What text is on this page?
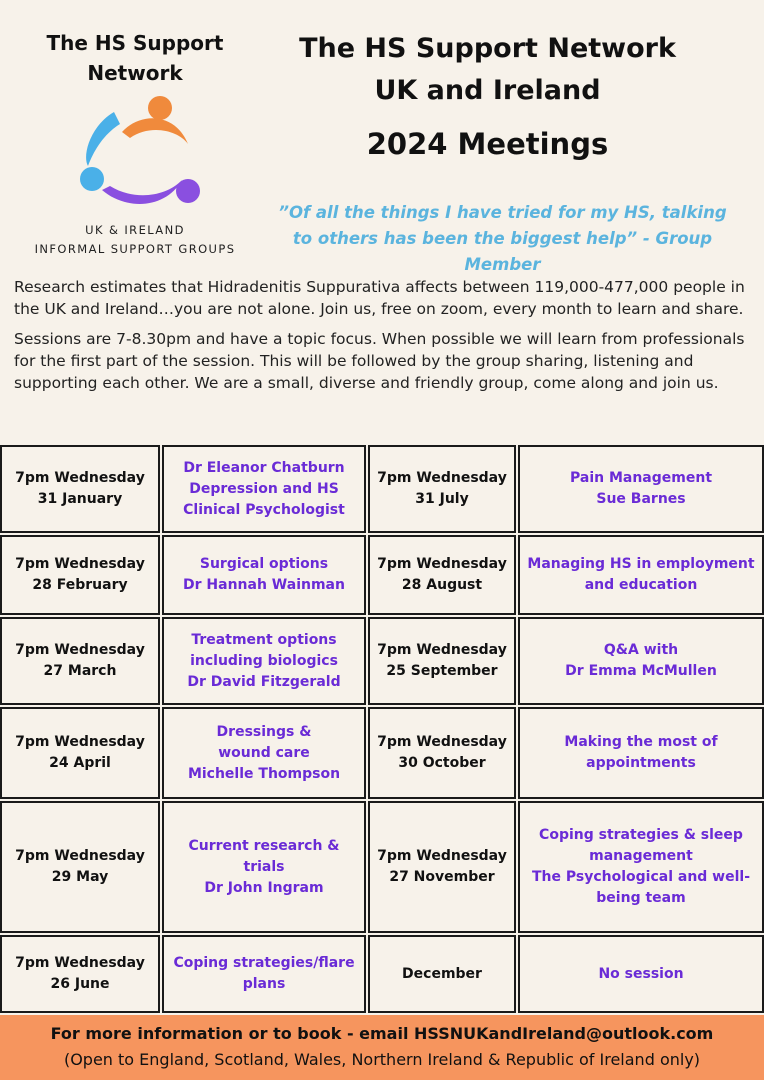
The HS Support Network
UK & IRELAND
INFORMAL SUPPORT GROUPS
The HS Support Network
UK and Ireland
2024 Meetings
”Of all the things I have tried for my HS, talking to others has been the biggest help” - Group Member

Research estimates that Hidradenitis Suppurativa affects between 119,000-477,000 people in the UK and Ireland…you are not alone. Join us, free on zoom, every month to learn and share.

Sessions are 7-8.30pm and have a topic focus. When possible we will learn from professionals for the first part of the session. This will be followed by the group sharing, listening and supporting each other. We are a small, diverse and friendly group, come along and join us.

7pm Wednesday
31 January
Dr Eleanor Chatburn
Depression and HS
Clinical Psychologist
7pm Wednesday
31 July
Pain Management
Sue Barnes
7pm Wednesday
28 February
Surgical options
Dr Hannah Wainman
7pm Wednesday
28 August
Managing HS in employment
and education
7pm Wednesday
27 March
Treatment options
including biologics
Dr David Fitzgerald
7pm Wednesday
25 September
Q&A with
Dr Emma McMullen
7pm Wednesday
24 April
Dressings &
wound care
Michelle Thompson
7pm Wednesday
30 October
Making the most of
appointments
7pm Wednesday
29 May
Current research &
trials
Dr John Ingram
7pm Wednesday
27 November
Coping strategies & sleep
management
The Psychological and well-
being team
7pm Wednesday
26 June
Coping strategies/flare
plans
December	No session
For more information or to book - email HSSNUKandIreland@outlook.com
(Open to England, Scotland, Wales, Northern Ireland & Republic of Ireland only)
